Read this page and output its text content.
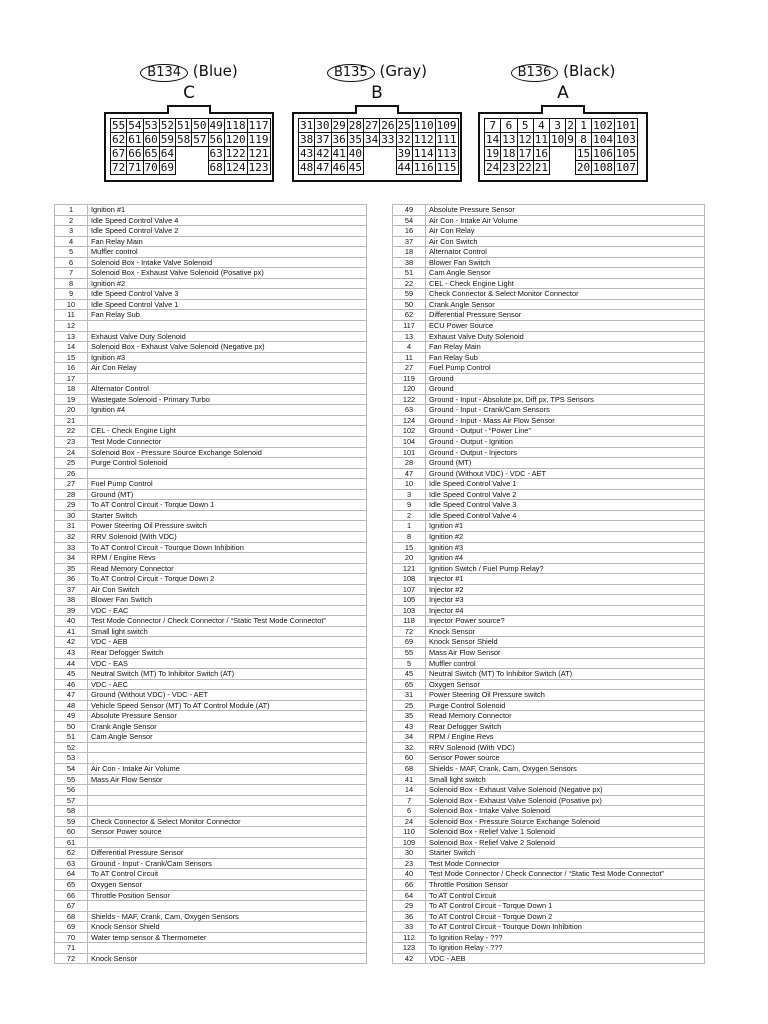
B134 (Blue)
C
55	54	53	52	51	50	49	118	117
62	61	60	59	58	57	56	120	119
67	66	65	64			63	122	121
72	71	70	69			68	124	123
B135 (Gray)
B
31	30	29	28	27	26	25	110	109
38	37	36	35	34	33	32	112	111
43	42	41	40			39	114	113
48	47	46	45			44	116	115
B136 (Black)
A
7	6	5	4	3	2	1	102	101
14	13	12	11	10	9	8	104	103
19	18	17	16			15	106	105
24	23	22	21			20	108	107
1	Ignition #1
2	Idle Speed Control Valve 4
3	Idle Speed Control Valve 2
4	Fan Relay Main
5	Muffler control
6	Solenoid Box - Intake Valve Solenoid
7	Solenoid Box - Exhaust Valve Solenoid (Posative px)
8	Ignition #2
9	Idle Speed Control Valve 3
10	Idle Speed Control Valve 1
11	Fan Relay Sub
12	
13	Exhaust Valve Duty Solenoid
14	Solenoid Box - Exhaust Valve Solenoid (Negative px)
15	Ignition #3
16	Air Con Relay
17	
18	Alternator Control
19	Wastegate Solenoid - Primary Turbo
20	Ignition #4
21	
22	CEL - Check Engine Light
23	Test Mode Connector
24	Solenoid Box - Pressure Source Exchange Solenoid
25	Purge Control Solenoid
26	
27	Fuel Pump Control
28	Ground (MT)
29	To AT Control Circuit - Torque Down 1
30	Starter Switch
31	Power Steering Oil Pressure switch
32	RRV Solenoid (With VDC)
33	To AT Control Circuit - Tourque Down Inhibition
34	RPM / Engine Revs
35	Read Memory Connector
36	To AT Control Circuit - Torque Down 2
37	Air Con Switch
38	Blower Fan Switch
39	VDC - EAC
40	Test Mode Connector / Check Connector / “Static Test Mode Connectot”
41	Small light switch
42	VDC - AEB
43	Rear Defogger Switch
44	VDC - EAS
45	Neutral Switch (MT) To Inhibitor Switch (AT)
46	VDC - AEC
47	Ground (Without VDC) - VDC - AET
48	Vehicle Speed Sensor (MT) To AT Control Module (AT)
49	Absolute Pressure Sensor
50	Crank Angle Sensor
51	Cam Angle Sensor
52	
53	
54	Air Con - Intake Air Volume
55	Mass Air Flow Sensor
56	
57	
58	
59	Check Connector & Select Monitor Connector
60	Sensor Power source
61	
62	Differential Pressure Sensor
63	Ground - Input - Crank/Cam Sensors
64	To AT Control Circuit
65	Oxygen Sensor
66	Throttle Position Sensor
67	
68	Shields - MAF, Crank, Cam, Oxygen Sensors
69	Knock Sensor Shield
70	Water temp sensor & Thermometer
71	
72	Knock Sensor
49	Absolute Pressure Sensor
54	Air Con - Intake Air Volume
16	Air Con Relay
37	Air Con Switch
18	Alternator Control
38	Blower Fan Switch
51	Cam Angle Sensor
22	CEL - Check Engine Light
59	Check Connector & Select Monitor Connector
50	Crank Angle Sensor
62	Differential Pressure Sensor
117	ECU Power Source
13	Exhaust Valve Duty Solenoid
4	Fan Relay Main
11	Fan Relay Sub
27	Fuel Pump Control
119	Ground
120	Ground
122	Ground - Input - Absolute px, Diff px, TPS Sensors
63	Ground - Input - Crank/Cam Sensors
124	Ground - Input - Mass Air Flow Sensor
102	Ground - Output - “Power Line”
104	Ground - Output - Ignition
101	Ground - Output - Injectors
28	Ground (MT)
47	Ground (Without VDC) - VDC - AET
10	Idle Speed Control Valve 1
3	Idle Speed Control Valve 2
9	Idle Speed Control Valve 3
2	Idle Speed Control Valve 4
1	Ignition #1
8	Ignition #2
15	Ignition #3
20	Ignition #4
121	Ignition Switch / Fuel Pump Relay?
108	Injector #1
107	Injector #2
105	Injector #3
103	Injector #4
118	Injector Power source?
72	Knock Sensor
69	Knock Sensor Shield
55	Mass Air Flow Sensor
5	Muffler control
45	Neutral Switch (MT) To Inhibitor Switch (AT)
65	Oxygen Sensor
31	Power Steering Oil Pressure switch
25	Purge Control Solenoid
35	Read Memory Connector
43	Rear Defogger Switch
34	RPM / Engine Revs
32	RRV Solenoid (With VDC)
60	Sensor Power source
68	Shields - MAF, Crank, Cam, Oxygen Sensors
41	Small light switch
14	Solenoid Box - Exhaust Valve Solenoid (Negative px)
7	Solenoid Box - Exhaust Valve Solenoid (Posative px)
6	Solenoid Box - Intake Valve Solenoid
24	Solenoid Box - Pressure Source Exchange Solenoid
110	Solenoid Box - Relief Valve 1 Solenoid
109	Solenoid Box - Relief Valve 2 Solenoid
30	Starter Switch
23	Test Mode Connector
40	Test Mode Connector / Check Connector / “Static Test Mode Connectot”
66	Throttle Position Sensor
64	To AT Control Circuit
29	To AT Control Circuit - Torque Down 1
36	To AT Control Circuit - Torque Down 2
33	To AT Control Circuit - Tourque Down Inhibition
112	To Ignition Relay - ???
123	To Ignition Relay - ???
42	VDC - AEB
